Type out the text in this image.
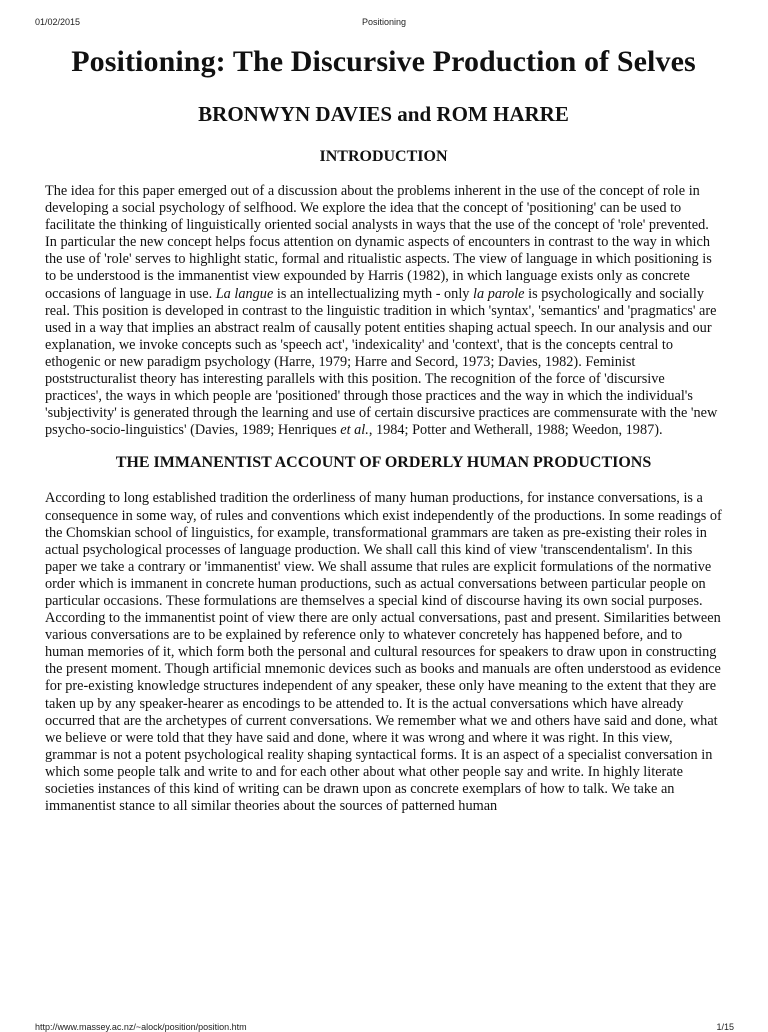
01/02/2015	Positioning
Positioning: The Discursive Production of Selves
BRONWYN DAVIES and ROM HARRE
INTRODUCTION

The idea for this paper emerged out of a discussion about the problems inherent in the use of the concept of role in developing a social psychology of selfhood. We explore the idea that the concept of 'positioning' can be used to facilitate the thinking of linguistically oriented social analysts in ways that the use of the concept of 'role' prevented. In particular the new concept helps focus attention on dynamic aspects of encounters in contrast to the way in which the use of 'role' serves to highlight static, formal and ritualistic aspects. The view of language in which positioning is to be understood is the immanentist view expounded by Harris (1982), in which language exists only as concrete occasions of language in use. La langue is an intellectualizing myth - only la parole is psychologically and socially real. This position is developed in contrast to the linguistic tradition in which 'syntax', 'semantics' and 'pragmatics' are used in a way that implies an abstract realm of causally potent entities shaping actual speech. In our analysis and our explanation, we invoke concepts such as 'speech act', 'indexicality' and 'context', that is the concepts central to ethogenic or new paradigm psychology (Harre, 1979; Harre and Secord, 1973; Davies, 1982). Feminist poststructuralist theory has interesting parallels with this position. The recognition of the force of 'discursive practices', the ways in which people are 'positioned' through those practices and the way in which the individual's 'subjectivity' is generated through the learning and use of certain discursive practices are commensurate with the 'new psycho-socio-linguistics' (Davies, 1989; Henriques et al., 1984; Potter and Wetherall, 1988; Weedon, 1987).

THE IMMANENTIST ACCOUNT OF ORDERLY HUMAN PRODUCTIONS

According to long established tradition the orderliness of many human productions, for instance conversations, is a consequence in some way, of rules and conventions which exist independently of the productions. In some readings of the Chomskian school of linguistics, for example, transformational grammars are taken as pre-existing their roles in actual psychological processes of language production. We shall call this kind of view 'transcendentalism'. In this paper we take a contrary or 'immanentist' view. We shall assume that rules are explicit formulations of the normative order which is immanent in concrete human productions, such as actual conversations between particular people on particular occasions. These formulations are themselves a special kind of discourse having its own social purposes. According to the immanentist point of view there are only actual conversations, past and present. Similarities between various conversations are to be explained by reference only to whatever concretely has happened before, and to human memories of it, which form both the personal and cultural resources for speakers to draw upon in constructing the present moment. Though artificial mnemonic devices such as books and manuals are often understood as evidence for pre-existing knowledge structures independent of any speaker, these only have meaning to the extent that they are taken up by any speaker-hearer as encodings to be attended to. It is the actual conversations which have already occurred that are the archetypes of current conversations. We remember what we and others have said and done, what we believe or were told that they have said and done, where it was wrong and where it was right. In this view, grammar is not a potent psychological reality shaping syntactical forms. It is an aspect of a specialist conversation in which some people talk and write to and for each other about what other people say and write. In highly literate societies instances of this kind of writing can be drawn upon as concrete exemplars of how to talk. We take an immanentist stance to all similar theories about the sources of patterned human

http://www.massey.ac.nz/~alock/position/position.htm	1/15
